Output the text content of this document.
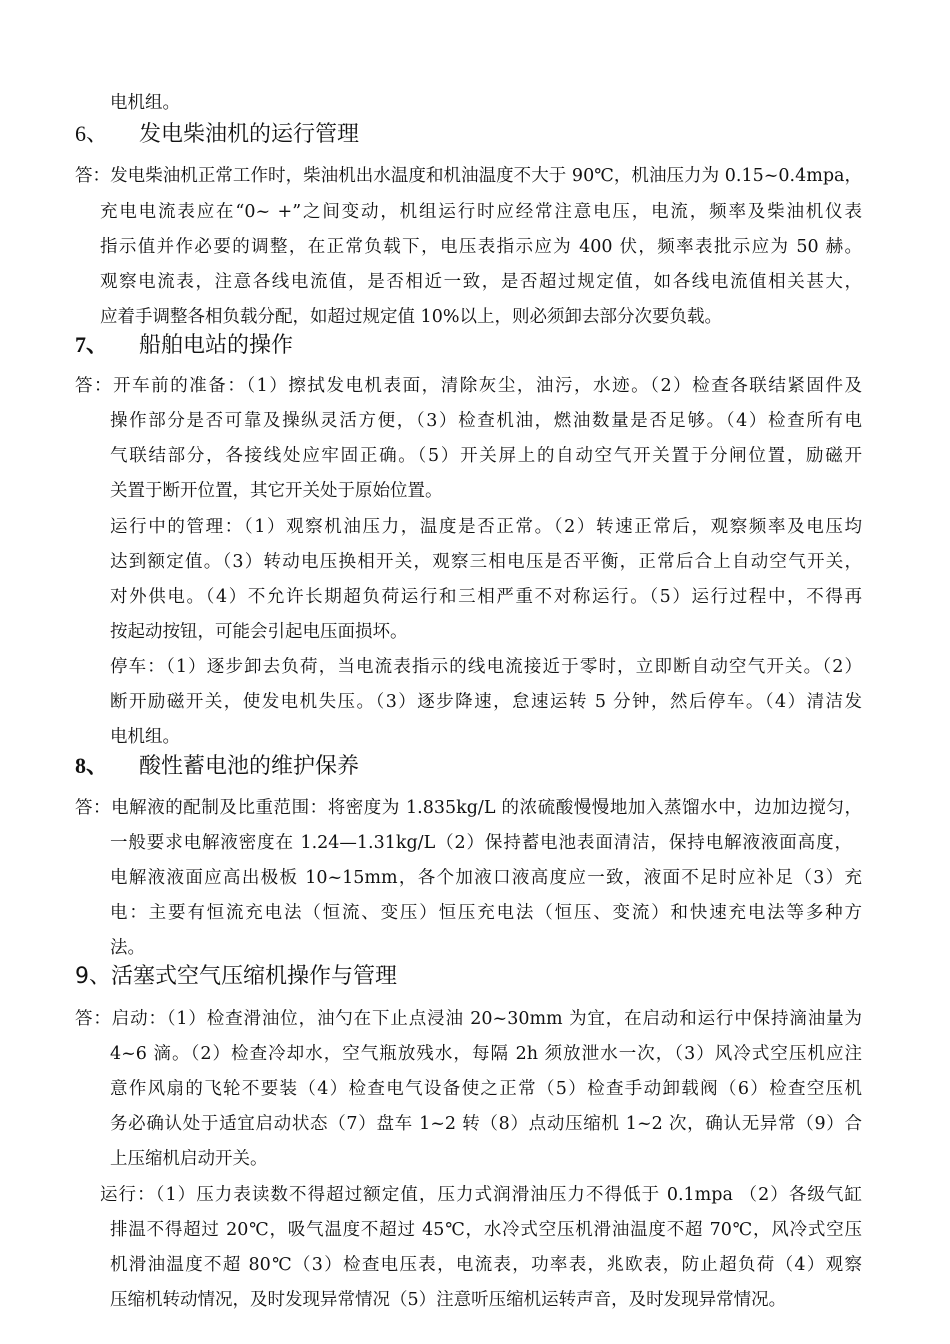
电机组。
6、 发电柴油机的运行管理
答：发电柴油机正常工作时，柴油机出水温度和机油温度不大于 90℃，机油压力为 0.15~0.4mpa，
充电电流表应在“0~ +”之间变动，机组运行时应经常注意电压，电流，频率及柴油机仪表
指示值并作必要的调整，在正常负载下，电压表指示应为 400 伏，频率表批示应为 50 赫。
观察电流表，注意各线电流值，是否相近一致，是否超过规定值，如各线电流值相关甚大，
应着手调整各相负载分配，如超过规定值 10%以上，则必须卸去部分次要负载。
7、 船舶电站的操作
答：开车前的准备：（1）擦拭发电机表面，清除灰尘，油污，水迹。（2）检查各联结紧固件及
操作部分是否可靠及操纵灵活方便，（3）检查机油，燃油数量是否足够。（4）检查所有电
气联结部分，各接线处应牢固正确。（5）开关屏上的自动空气开关置于分闸位置，励磁开
关置于断开位置，其它开关处于原始位置。
运行中的管理：（1）观察机油压力，温度是否正常。（2）转速正常后，观察频率及电压均
达到额定值。（3）转动电压换相开关，观察三相电压是否平衡，正常后合上自动空气开关，
对外供电。（4）不允许长期超负荷运行和三相严重不对称运行。（5）运行过程中，不得再
按起动按钮，可能会引起电压面损坏。
停车：（1）逐步卸去负荷，当电流表指示的线电流接近于零时，立即断自动空气开关。（2）
断开励磁开关，使发电机失压。（3）逐步降速，怠速运转 5 分钟，然后停车。（4）清洁发
电机组。
8、 酸性蓄电池的维护保养
答：电解液的配制及比重范围：将密度为 1.835kg/L 的浓硫酸慢慢地加入蒸馏水中，边加边搅匀，
一般要求电解液密度在 1.24—1.31kg/L（2）保持蓄电池表面清洁，保持电解液液面高度，
电解液液面应高出极板 10~15mm，各个加液口液高度应一致，液面不足时应补足（3）充
电：主要有恒流充电法（恒流、变压）恒压充电法（恒压、变流）和快速充电法等多种方
法。
9、活塞式空气压缩机操作与管理
答：启动：（1）检查滑油位，油勺在下止点浸油 20~30mm 为宜，在启动和运行中保持滴油量为
4~6 滴。（2）检查冷却水，空气瓶放残水，每隔 2h 须放泄水一次，（3）风冷式空压机应注
意作风扇的飞轮不要装（4）检查电气设备使之正常（5）检查手动卸载阀（6）检查空压机
务必确认处于适宜启动状态（7）盘车 1~2 转（8）点动压缩机 1~2 次，确认无异常（9）合
上压缩机启动开关。
运行：（1）压力表读数不得超过额定值，压力式润滑油压力不得低于 0.1mpa （2）各级气缸
排温不得超过 20℃，吸气温度不超过 45℃，水冷式空压机滑油温度不超 70℃，风冷式空压
机滑油温度不超 80℃（3）检查电压表，电流表，功率表，兆欧表，防止超负荷（4）观察
压缩机转动情况，及时发现异常情况（5）注意听压缩机运转声音，及时发现异常情况。
